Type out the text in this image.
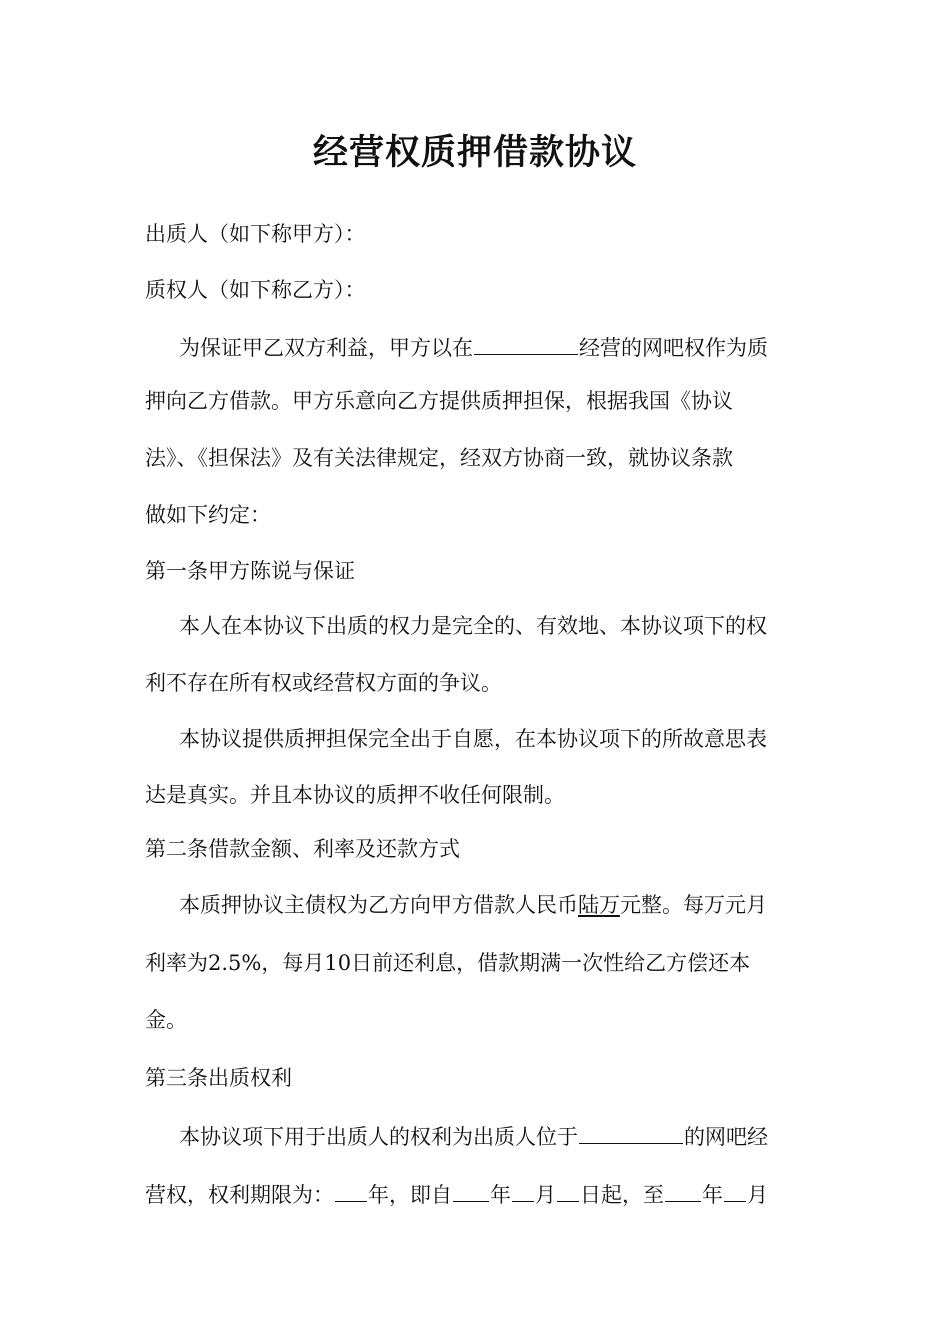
经营权质押借款协议
出质人（如下称甲方）：
质权人（如下称乙方）：
为保证甲乙双方利益，甲方以在	经营的网吧权作为质
押向乙方借款。甲方乐意向乙方提供质押担保，根据我国《协议
法》、《担保法》及有关法律规定，经双方协商一致，就协议条款
做如下约定：
第一条甲方陈说与保证
本人在本协议下出质的权力是完全的、有效地、本协议项下的权
利不存在所有权或经营权方面的争议。
本协议提供质押担保完全出于自愿，在本协议项下的所故意思表
达是真实。并且本协议的质押不收任何限制。
第二条借款金额、利率及还款方式
本质押协议主债权为乙方向甲方借款人民币陆万元整。每万元月
利率为2.5%，每月10日前还利息，借款期满一次性给乙方偿还本
金。
第三条出质权利
本协议项下用于出质人的权利为出质人位于	的网吧经
营权，权利期限为： 年，即自 年 月 日起，至 年 月
